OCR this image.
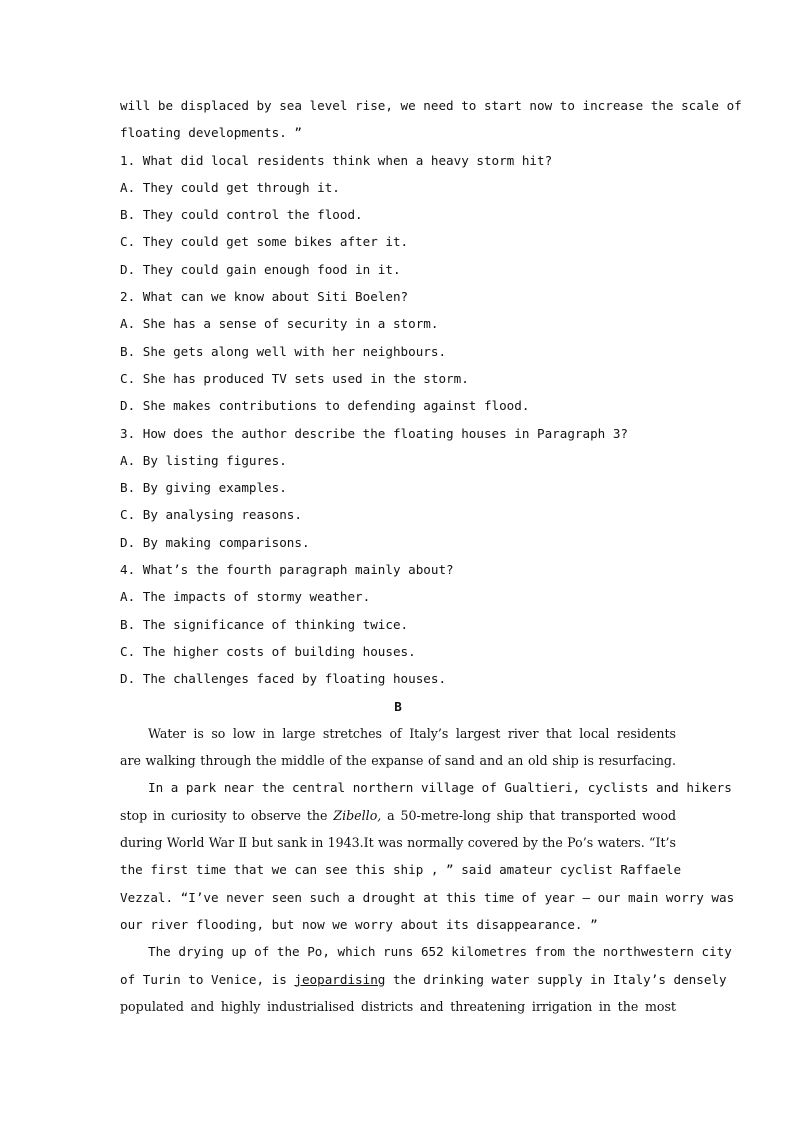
will be displaced by sea level rise, we need to start now to increase the scale of
floating developments. ”
1. What did local residents think when a heavy storm hit?
A. They could get through it.
B. They could control the flood.
C. They could get some bikes after it.
D. They could gain enough food in it.
2. What can we know about Siti Boelen?
A. She has a sense of security in a storm.
B. She gets along well with her neighbours.
C. She has produced TV sets used in the storm.
D. She makes contributions to defending against flood.
3. How does the author describe the floating houses in Paragraph 3?
A. By listing figures.
B. By giving examples.
C. By analysing reasons.
D. By making comparisons.
4. What’s the fourth paragraph mainly about?
A. The impacts of stormy weather.
B. The significance of thinking twice.
C. The higher costs of building houses.
D. The challenges faced by floating houses.
B
Water is so low in large stretches of Italy’s largest river that local residents
are walking through the middle of the expanse of sand and an old ship is resurfacing.
In a park near the central northern village of Gualtieri, cyclists and hikers
stop in curiosity to observe the Zibello, a 50-metre-long ship that transported wood
during World War Ⅱ but sank in 1943.It was normally covered by the Po’s waters. “It’s
the first time that we can see this ship , ” said amateur cyclist Raffaele
Vezzal. “I’ve never seen such a drought at this time of year — our main worry was
our river flooding, but now we worry about its disappearance. ”
The drying up of the Po, which runs 652 kilometres from the northwestern city
of Turin to Venice, is jeopardising the drinking water supply in Italy’s densely
populated and highly industrialised districts and threatening irrigation in the most
